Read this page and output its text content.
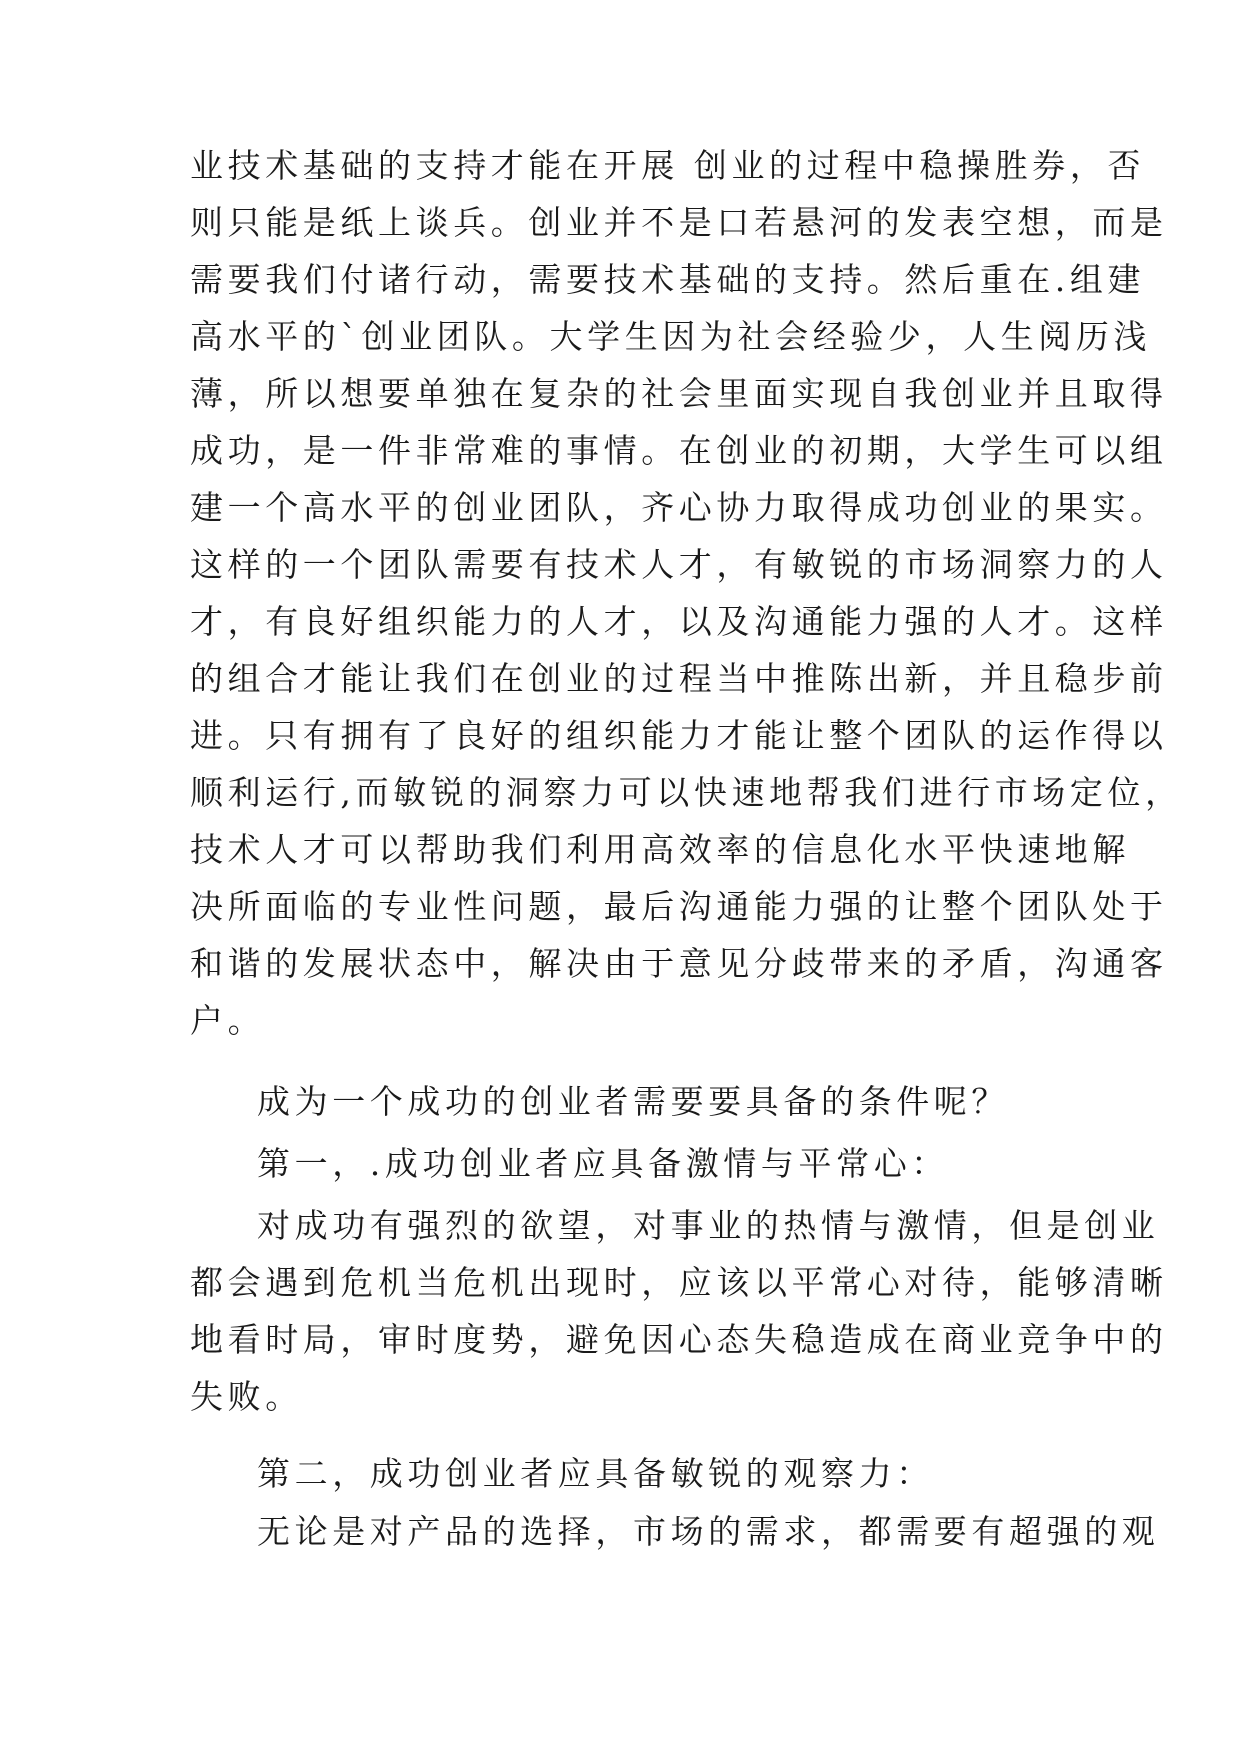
业技术基础的支持才能在开展 创业的过程中稳操胜券，否
则只能是纸上谈兵。创业并不是口若悬河的发表空想，而是
需要我们付诸行动，需要技术基础的支持。然后重在.组建
高水平的`创业团队。大学生因为社会经验少，人生阅历浅
薄，所以想要单独在复杂的社会里面实现自我创业并且取得
成功，是一件非常难的事情。在创业的初期，大学生可以组
建一个高水平的创业团队，齐心协力取得成功创业的果实。
这样的一个团队需要有技术人才，有敏锐的市场洞察力的人
才，有良好组织能力的人才，以及沟通能力强的人才。这样
的组合才能让我们在创业的过程当中推陈出新，并且稳步前
进。只有拥有了良好的组织能力才能让整个团队的运作得以
顺利运行,而敏锐的洞察力可以快速地帮我们进行市场定位，
技术人才可以帮助我们利用高效率的信息化水平快速地解
决所面临的专业性问题，最后沟通能力强的让整个团队处于
和谐的发展状态中，解决由于意见分歧带来的矛盾，沟通客
户。
成为一个成功的创业者需要要具备的条件呢？
第一，.成功创业者应具备激情与平常心：
对成功有强烈的欲望，对事业的热情与激情，但是创业
都会遇到危机当危机出现时，应该以平常心对待，能够清晰
地看时局，审时度势，避免因心态失稳造成在商业竞争中的
失败。
第二，成功创业者应具备敏锐的观察力：
无论是对产品的选择，市场的需求，都需要有超强的观
